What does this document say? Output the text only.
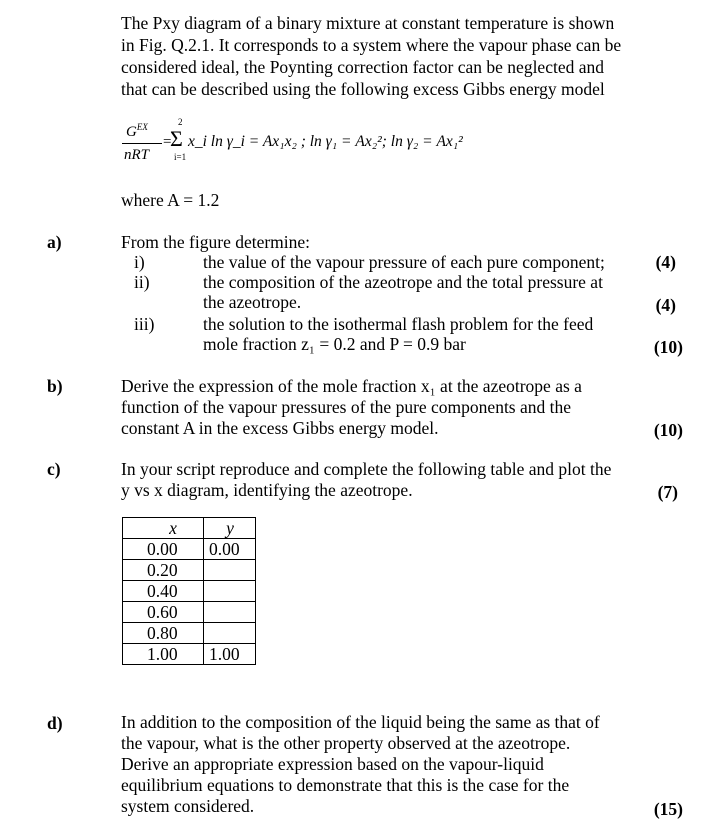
The Pxy diagram of a binary mixture at constant temperature is shown
in Fig. Q.2.1. It corresponds to a system where the vapour phase can be
considered ideal, the Poynting correction factor can be neglected and
that can be described using the following excess Gibbs energy model
$G^{EX}$
nRT
=
2
Σ
i=1
x_i ln γ_i = Ax₁x₂ ; ln γ₁ = Ax₂²; ln γ₂ = Ax₁²
where A = 1.2
a)	From the figure determine:
i)	the value of the vapour pressure of each pure component;	(4)
ii)	the composition of the azeotrope and the total pressure at
the azeotrope.	(4)
iii)	the solution to the isothermal flash problem for the feed
mole fraction z₁ = 0.2 and P = 0.9 bar	(10)
b)	Derive the expression of the mole fraction x₁ at the azeotrope as a
function of the vapour pressures of the pure components and the
constant A in the excess Gibbs energy model.	(10)
c)	In your script reproduce and complete the following table and plot the
y vs x diagram, identifying the azeotrope.	(7)
x	y
0.00	0.00
0.20	
0.40	
0.60	
0.80	
1.00	1.00
d)	In addition to the composition of the liquid being the same as that of
the vapour, what is the other property observed at the azeotrope.
Derive an appropriate expression based on the vapour-liquid
equilibrium equations to demonstrate that this is the case for the
system considered.	(15)
